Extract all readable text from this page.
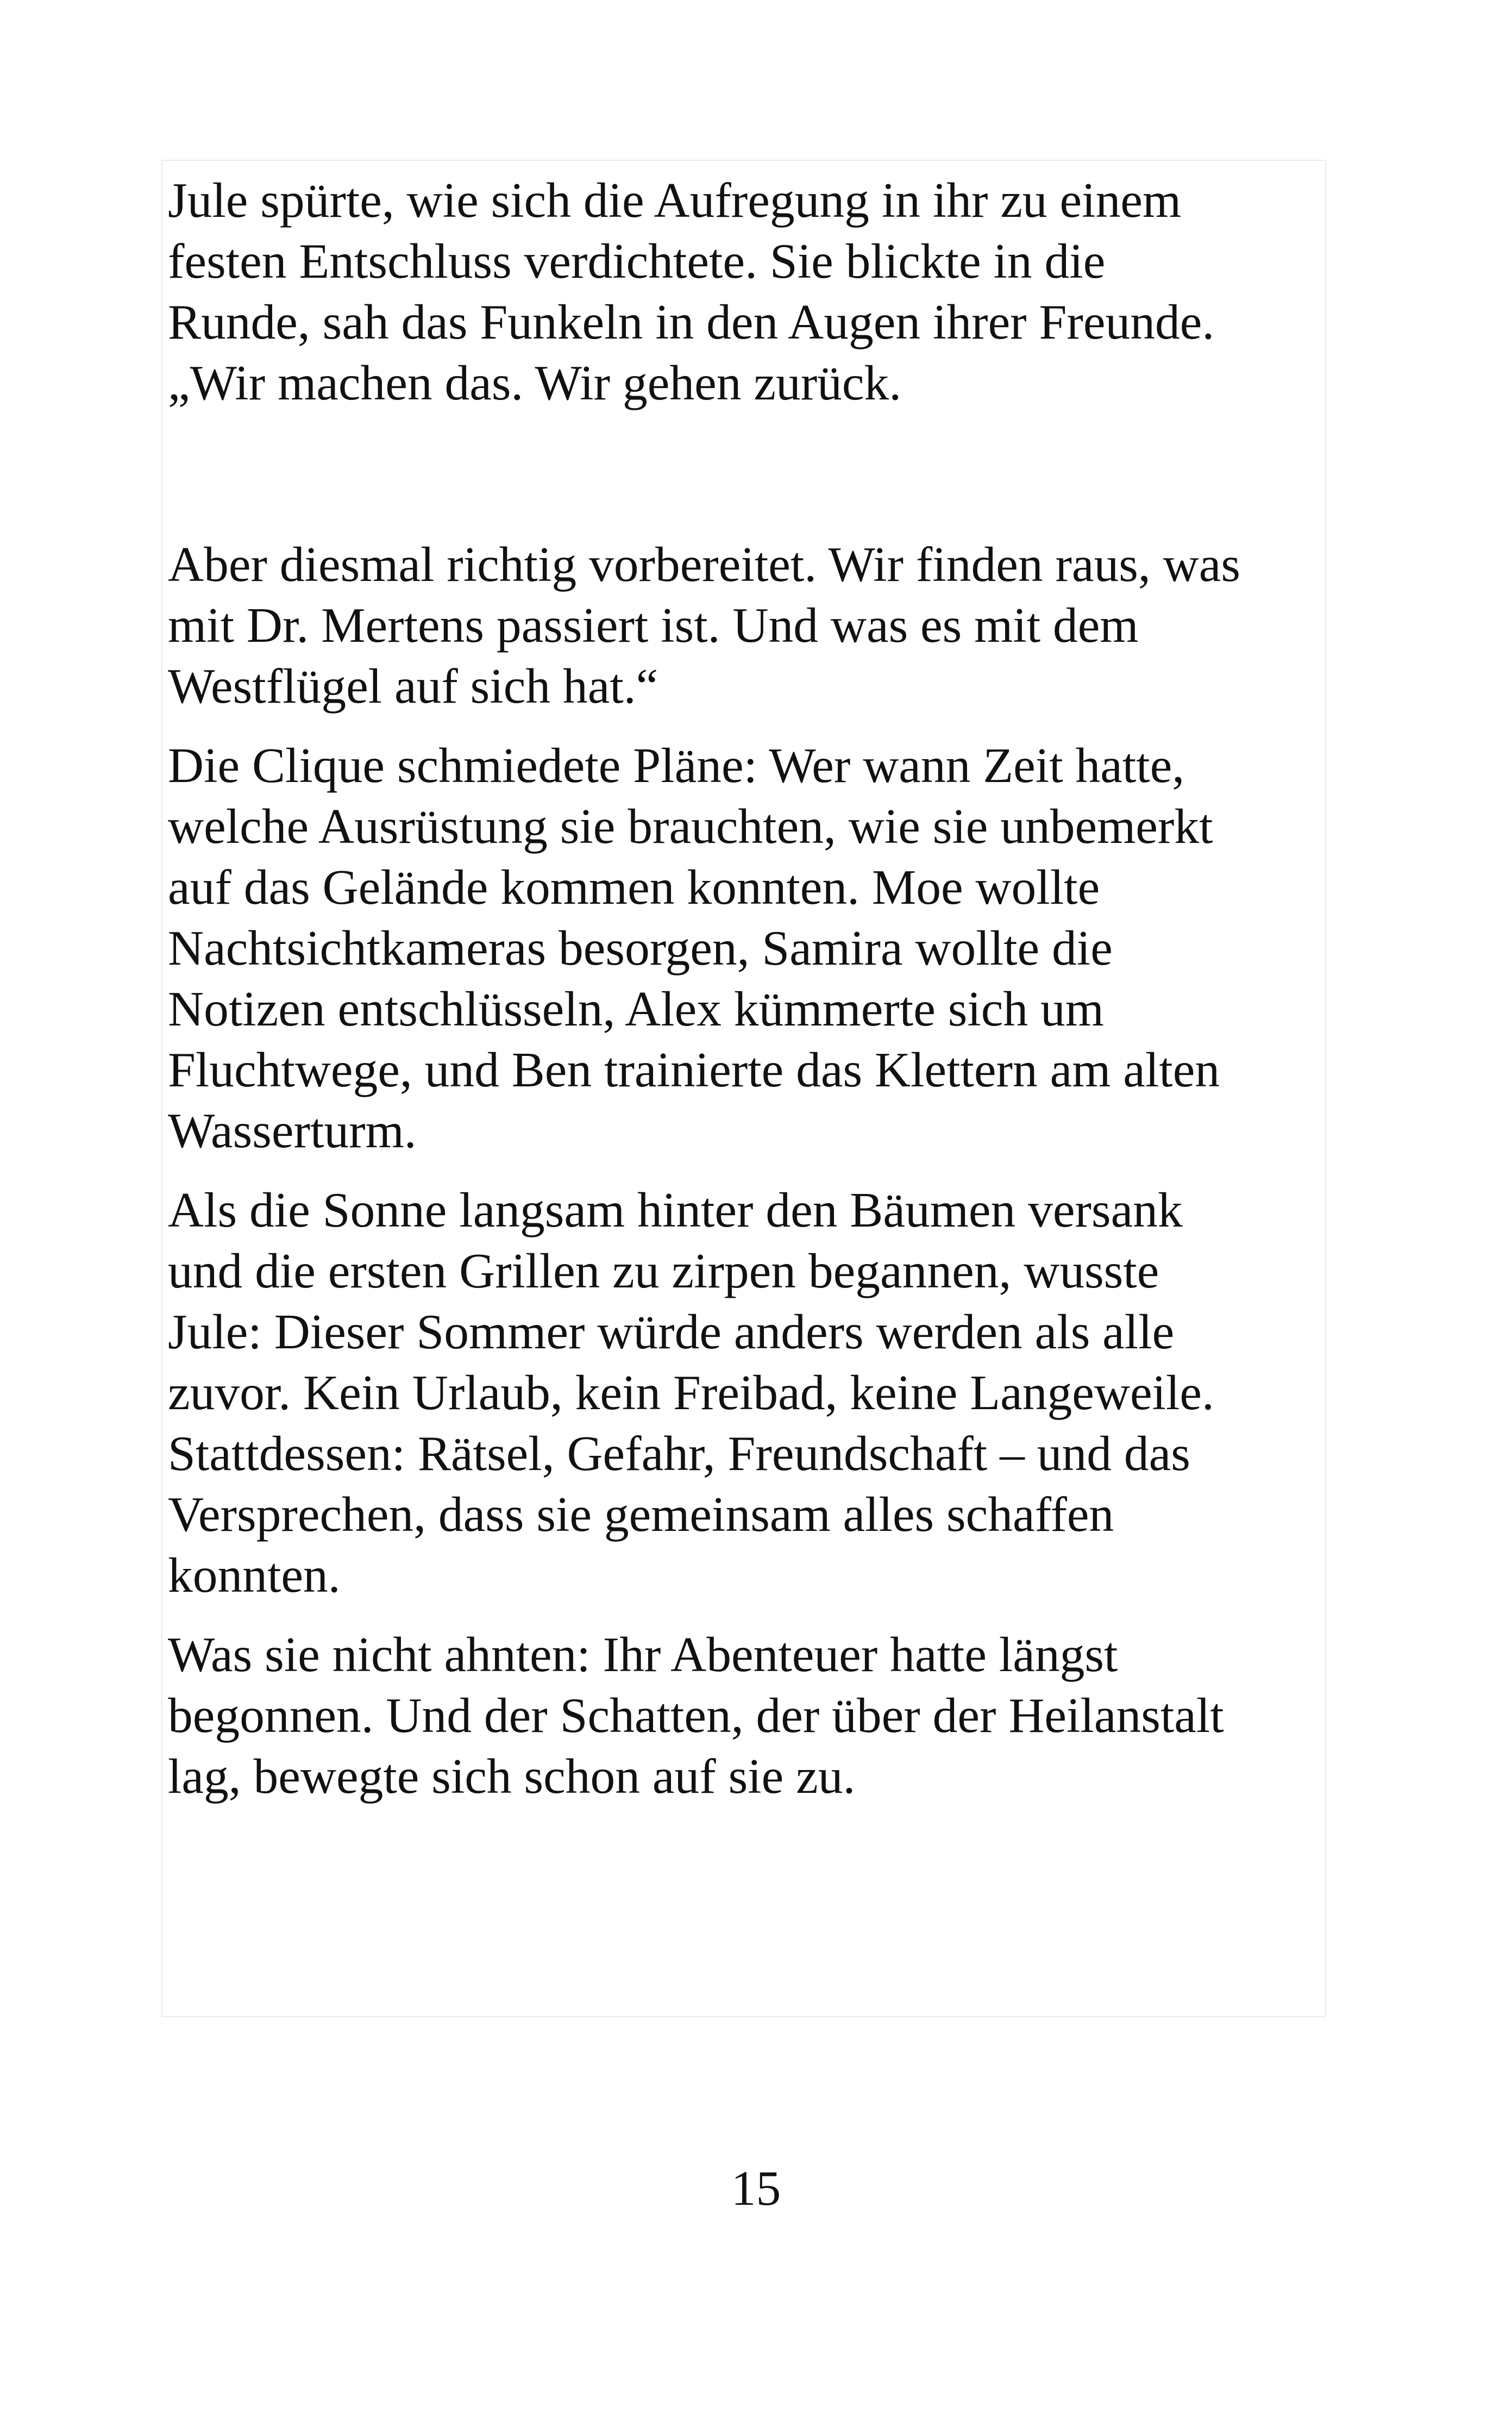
Jule spürte, wie sich die Aufregung in ihr zu einem
festen Entschluss verdichtete. Sie blickte in die
Runde, sah das Funkeln in den Augen ihrer Freunde.
„Wir machen das. Wir gehen zurück.

Aber diesmal richtig vorbereitet. Wir finden raus, was
mit Dr. Mertens passiert ist. Und was es mit dem
Westflügel auf sich hat.“

Die Clique schmiedete Pläne: Wer wann Zeit hatte,
welche Ausrüstung sie brauchten, wie sie unbemerkt
auf das Gelände kommen konnten. Moe wollte
Nachtsichtkameras besorgen, Samira wollte die
Notizen entschlüsseln, Alex kümmerte sich um
Fluchtwege, und Ben trainierte das Klettern am alten
Wasserturm.

Als die Sonne langsam hinter den Bäumen versank
und die ersten Grillen zu zirpen begannen, wusste
Jule: Dieser Sommer würde anders werden als alle
zuvor. Kein Urlaub, kein Freibad, keine Langeweile.
Stattdessen: Rätsel, Gefahr, Freundschaft – und das
Versprechen, dass sie gemeinsam alles schaffen
konnten.

Was sie nicht ahnten: Ihr Abenteuer hatte längst
begonnen. Und der Schatten, der über der Heilanstalt
lag, bewegte sich schon auf sie zu.

15
